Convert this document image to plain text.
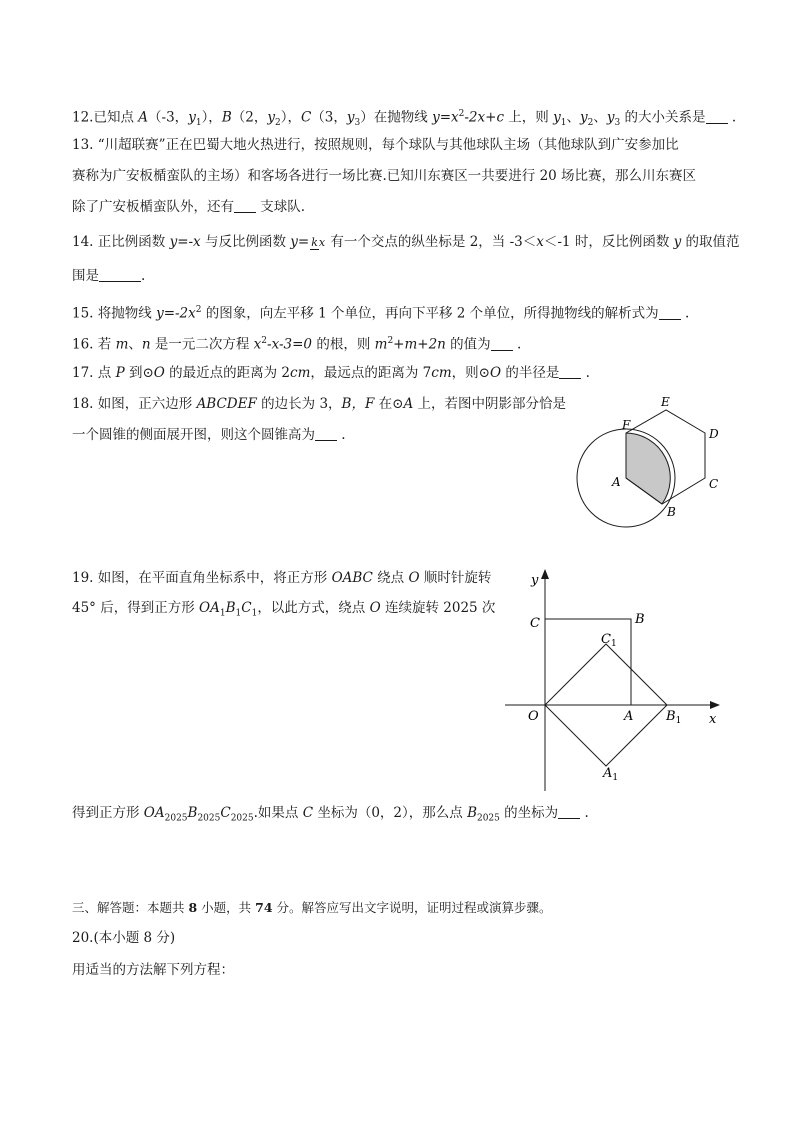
12.已知点 A（-3，$y_1$），B（2，$y_2$），C（3，$y_3$）在抛物线 $y=x^2-2x+c$ 上，则 $y_1$、$y_2$、$y_3$ 的大小关系是 .
13. “川超联赛”正在巴蜀大地火热进行，按照规则，每个球队与其他球队主场（其他球队到广安参加比
赛称为广安板楯蛮队的主场）和客场各进行一场比赛.已知川东赛区一共要进行 20 场比赛，那么川东赛区
除了广安板楯蛮队外，还有 支球队.
14. 正比例函数 y=-x 与反比例函数 y= kx 有一个交点的纵坐标是 2，当 -3＜x＜-1 时，反比例函数 y 的取值范
围是	.
15. 将抛物线 $y=-2x^2$ 的图象，向左平移 1 个单位，再向下平移 2 个单位，所得抛物线的解析式为 .
16. 若 m、n 是一元二次方程 $x^2-x-3=0$ 的根，则 $m^2+m+2n$ 的值为 .
17. 点 P 到⊙O 的最近点的距离为 2cm，最远点的距离为 7cm，则⊙O 的半径是 .
18. 如图，正六边形 ABCDEF 的边长为 3，B，F 在⊙A 上，若图中阴影部分恰是
一个圆锥的侧面展开图，则这个圆锥高为 .
F
E
D
C
B
A
19. 如图，在平面直角坐标系中，将正方形 OABC 绕点 O 顺时针旋转
45° 后，得到正方形 $OA_1B_1C_1$，以此方式，绕点 O 连续旋转 2025 次
y
x
O	A
B
C
$C_1$
$B_1$
$A_1$
得到正方形 $OA_{2025}B_{2025}C_{2025}$.如果点 C 坐标为（0，2），那么点 $B_{2025}$ 的坐标为 .
三、解答题：本题共 8 小题，共 74 分。解答应写出文字说明，证明过程或演算步骤。
20.(本小题 8 分)
用适当的方法解下列方程：
